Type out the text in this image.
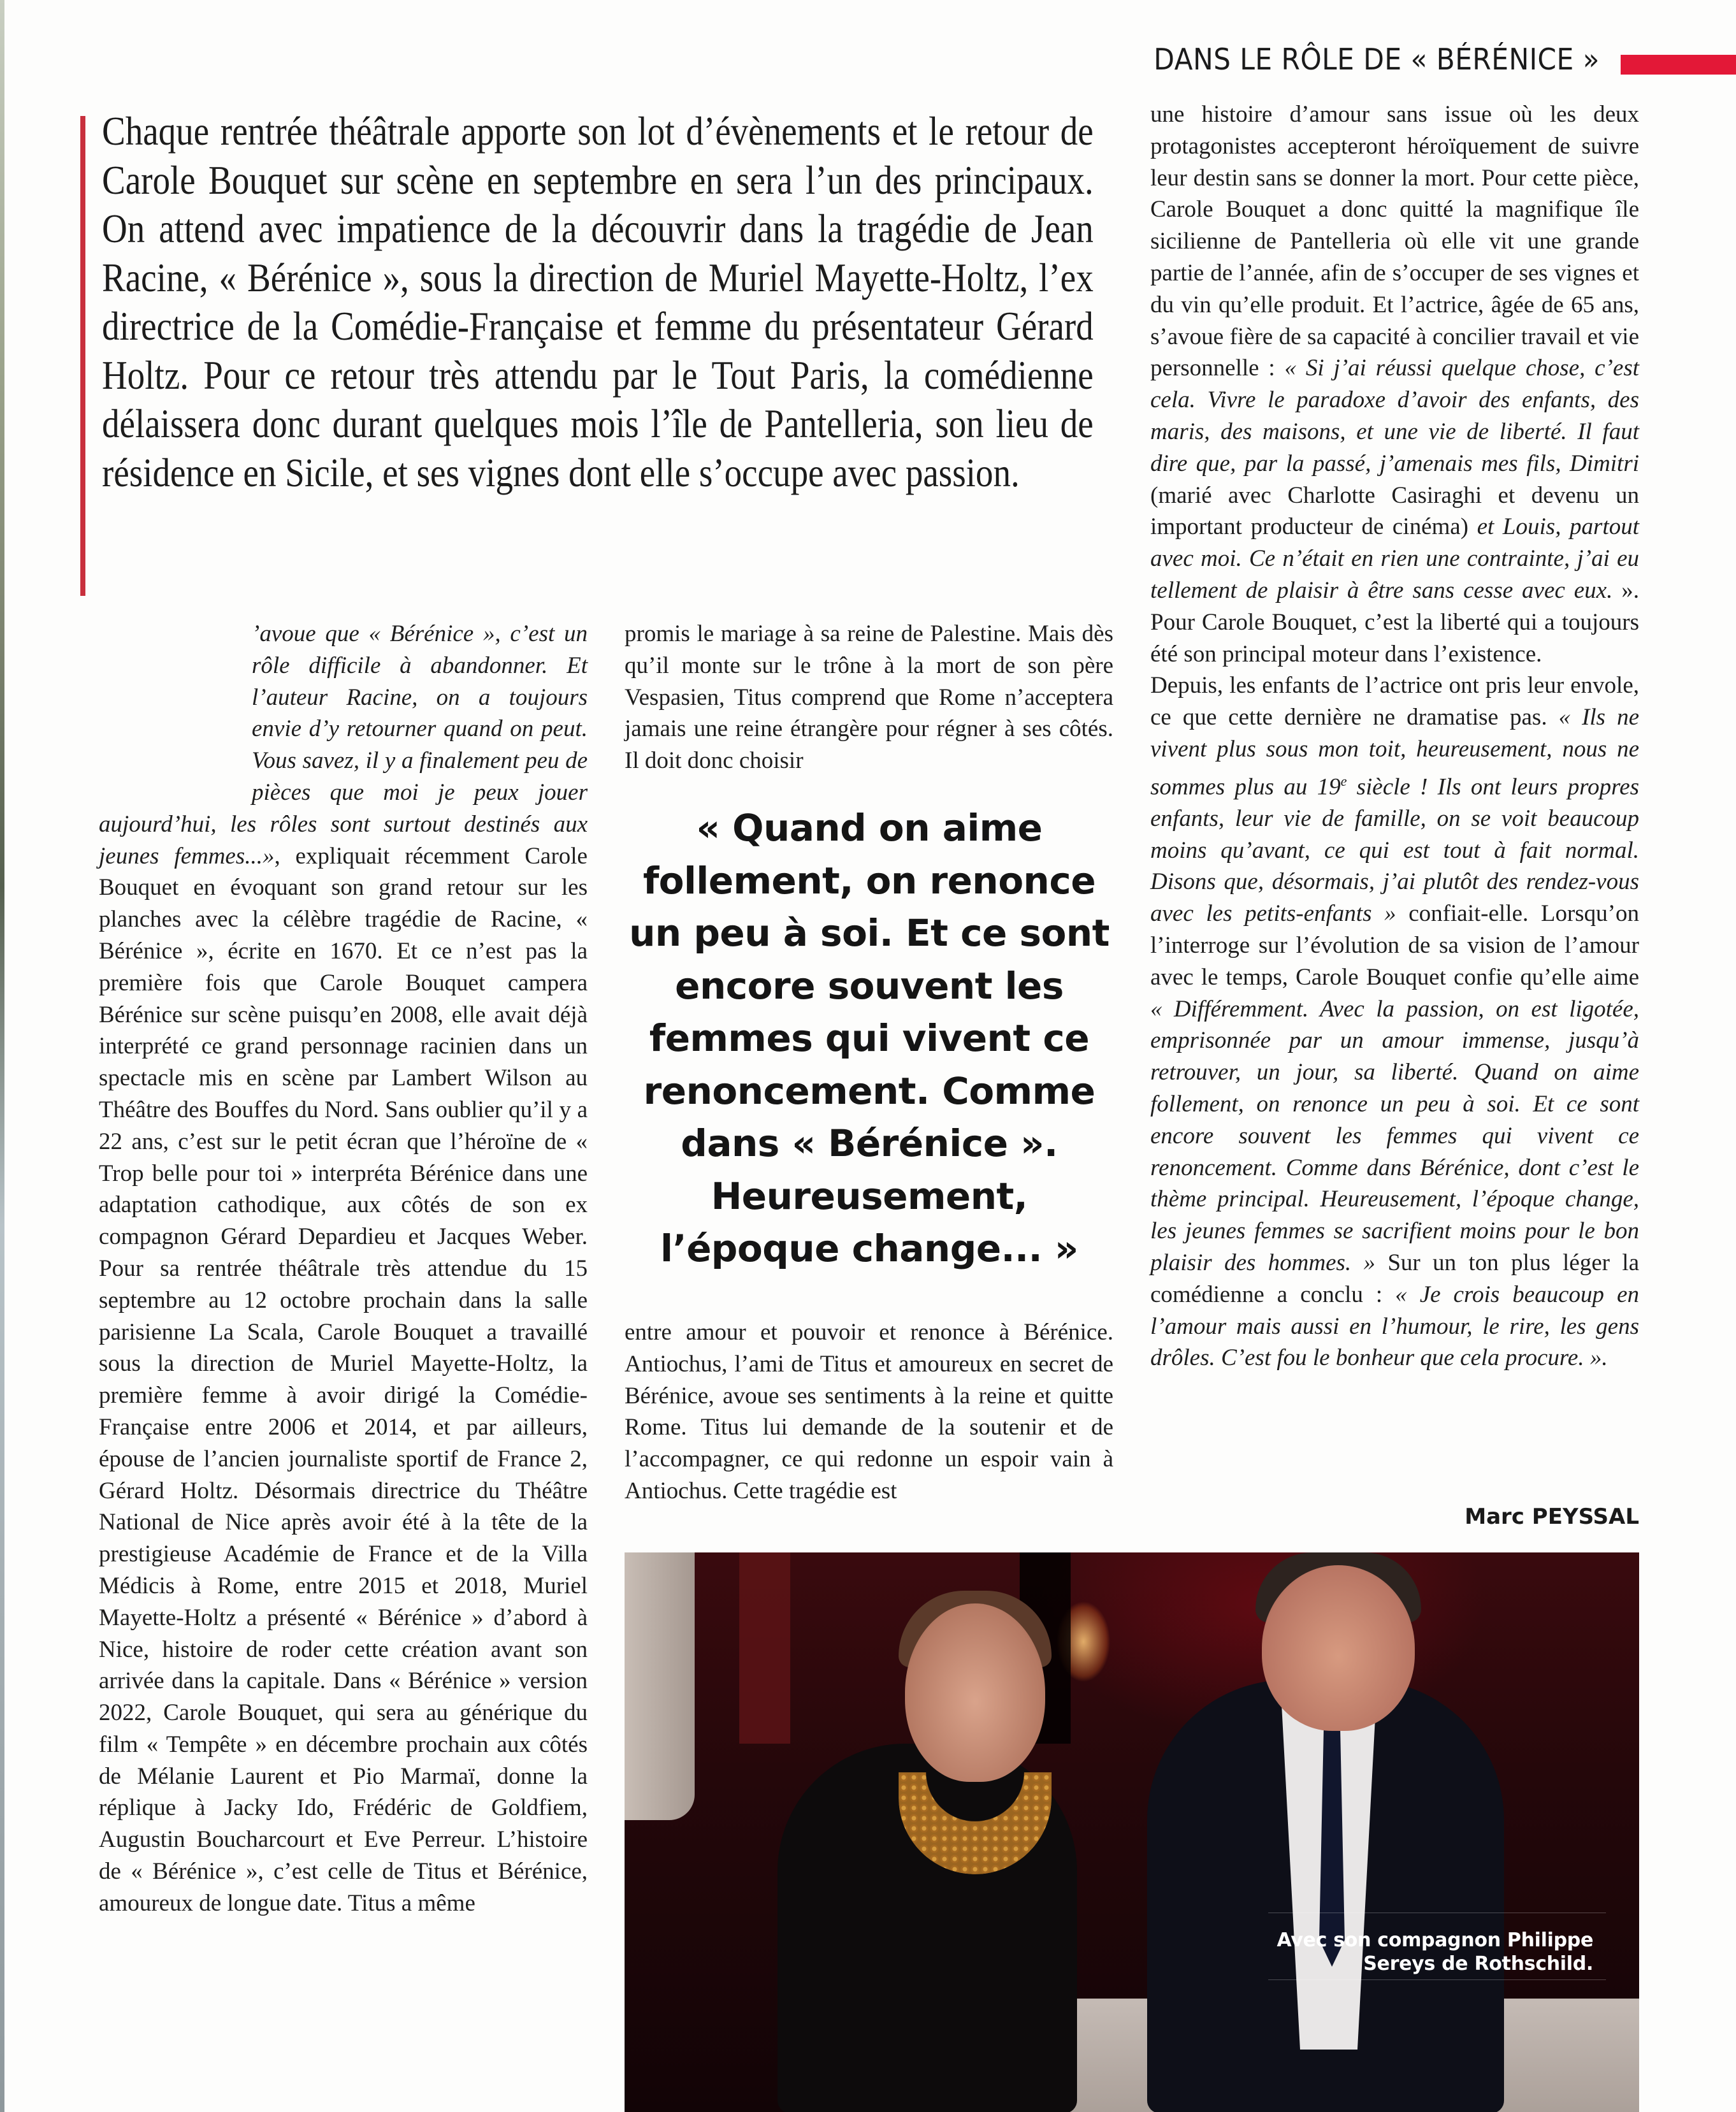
DANS LE RÔLE DE « BÉRÉNICE »
Chaque rentrée théâtrale apporte son lot d’évènements et le retour de Carole Bouquet sur scène en septembre en sera l’un des principaux. On attend avec impatience de la découvrir dans la tragédie de Jean Racine, « Bérénice », sous la direction de Muriel Mayette-Holtz, l’ex directrice de la Comédie-Française et femme du présentateur Gérard Holtz. Pour ce retour très attendu par le Tout Paris, la comédienne délaissera donc durant quelques mois l’île de Pantelleria, son lieu de résidence en Sicile, et ses vignes dont elle s’occupe avec passion.

’avoue que « Bérénice », c’est un rôle difficile à abandonner. Et l’auteur Racine, on a toujours envie d’y retourner quand on peut. Vous savez, il y a finalement peu de pièces que moi je peux jouer aujourd’hui, les rôles sont surtout destinés aux jeunes femmes...», expliquait récemment Carole Bouquet en évoquant son grand retour sur les planches avec la célèbre tragédie de Racine, « Bérénice », écrite en 1670. Et ce n’est pas la première fois que Carole Bouquet campera Bérénice sur scène puisqu’en 2008, elle avait déjà interprété ce grand personnage racinien dans un spectacle mis en scène par Lambert Wilson au Théâtre des Bouffes du Nord. Sans oublier qu’il y a 22 ans, c’est sur le petit écran que l’héroïne de « Trop belle pour toi » interpréta Bérénice dans une adaptation cathodique, aux côtés de son ex compagnon Gérard Depardieu et Jacques Weber. Pour sa rentrée théâtrale très attendue du 15 septembre au 12 octobre prochain dans la salle parisienne La Scala, Carole Bouquet a travaillé sous la direction de Muriel Mayette-Holtz, la première femme à avoir dirigé la Comédie-Française entre 2006 et 2014, et par ailleurs, épouse de l’ancien journaliste sportif de France 2, Gérard Holtz. Désormais directrice du Théâtre National de Nice après avoir été à la tête de la prestigieuse Académie de France et de la Villa Médicis à Rome, entre 2015 et 2018, Muriel Mayette-Holtz a présenté « Bérénice » d’abord à Nice, histoire de roder cette création avant son arrivée dans la capitale. Dans « Bérénice » version 2022, Carole Bouquet, qui sera au générique du film « Tempête » en décembre prochain aux côtés de Mélanie Laurent et Pio Marmaï, donne la réplique à Jacky Ido, Frédéric de Goldfiem, Augustin Boucharcourt et Eve Perreur. L’histoire de « Bérénice », c’est celle de Titus et Bérénice, amoureux de longue date. Titus a même

promis le mariage à sa reine de Palestine. Mais dès qu’il monte sur le trône à la mort de son père Vespasien, Titus comprend que Rome n’acceptera jamais une reine étrangère pour régner à ses côtés. Il doit donc choisir

« Quand on aime
follement, on renonce
un peu à soi. Et ce sont
encore souvent les
femmes qui vivent ce
renoncement. Comme
dans « Bérénice ».
Heureusement,
l’époque change... »

entre amour et pouvoir et renonce à Bérénice. Antiochus, l’ami de Titus et amoureux en secret de Bérénice, avoue ses sentiments à la reine et quitte Rome. Titus lui demande de la soutenir et de l’accompagner, ce qui redonne un espoir vain à Antiochus. Cette tragédie est

une histoire d’amour sans issue où les deux protagonistes accepteront héroïquement de suivre leur destin sans se donner la mort. Pour cette pièce, Carole Bouquet a donc quitté la magnifique île sicilienne de Pantelleria où elle vit une grande partie de l’année, afin de s’occuper de ses vignes et du vin qu’elle produit. Et l’actrice, âgée de 65 ans, s’avoue fière de sa capacité à concilier travail et vie personnelle : « Si j’ai réussi quelque chose, c’est cela. Vivre le paradoxe d’avoir des enfants, des maris, des maisons, et une vie de liberté. Il faut dire que, par la passé, j’amenais mes fils, Dimitri (marié avec Charlotte Casiraghi et devenu un important producteur de cinéma) et Louis, partout avec moi. Ce n’était en rien une contrainte, j’ai eu tellement de plaisir à être sans cesse avec eux. ». Pour Carole Bouquet, c’est la liberté qui a toujours été son principal moteur dans l’existence.

Depuis, les enfants de l’actrice ont pris leur envole, ce que cette dernière ne dramatise pas. « Ils ne vivent plus sous mon toit, heureusement, nous ne sommes plus au 19e siècle ! Ils ont leurs propres enfants, leur vie de famille, on se voit beaucoup moins qu’avant, ce qui est tout à fait normal. Disons que, désormais, j’ai plutôt des rendez-vous avec les petits-enfants » confiait-elle. Lorsqu’on l’interroge sur l’évolution de sa vision de l’amour avec le temps, Carole Bouquet confie qu’elle aime « Différemment. Avec la passion, on est ligotée, emprisonnée par un amour immense, jusqu’à retrouver, un jour, sa liberté. Quand on aime follement, on renonce un peu à soi. Et ce sont encore souvent les femmes qui vivent ce renoncement. Comme dans Bérénice, dont c’est le thème principal. Heureusement, l’époque change, les jeunes femmes se sacrifient moins pour le bon plaisir des hommes. » Sur un ton plus léger la comédienne a conclu : « Je crois beaucoup en l’amour mais aussi en l’humour, le rire, les gens drôles. C’est fou le bonheur que cela procure. ».

Marc PEYSSAL
Avec son compagnon Philippe
Sereys de Rothschild.
